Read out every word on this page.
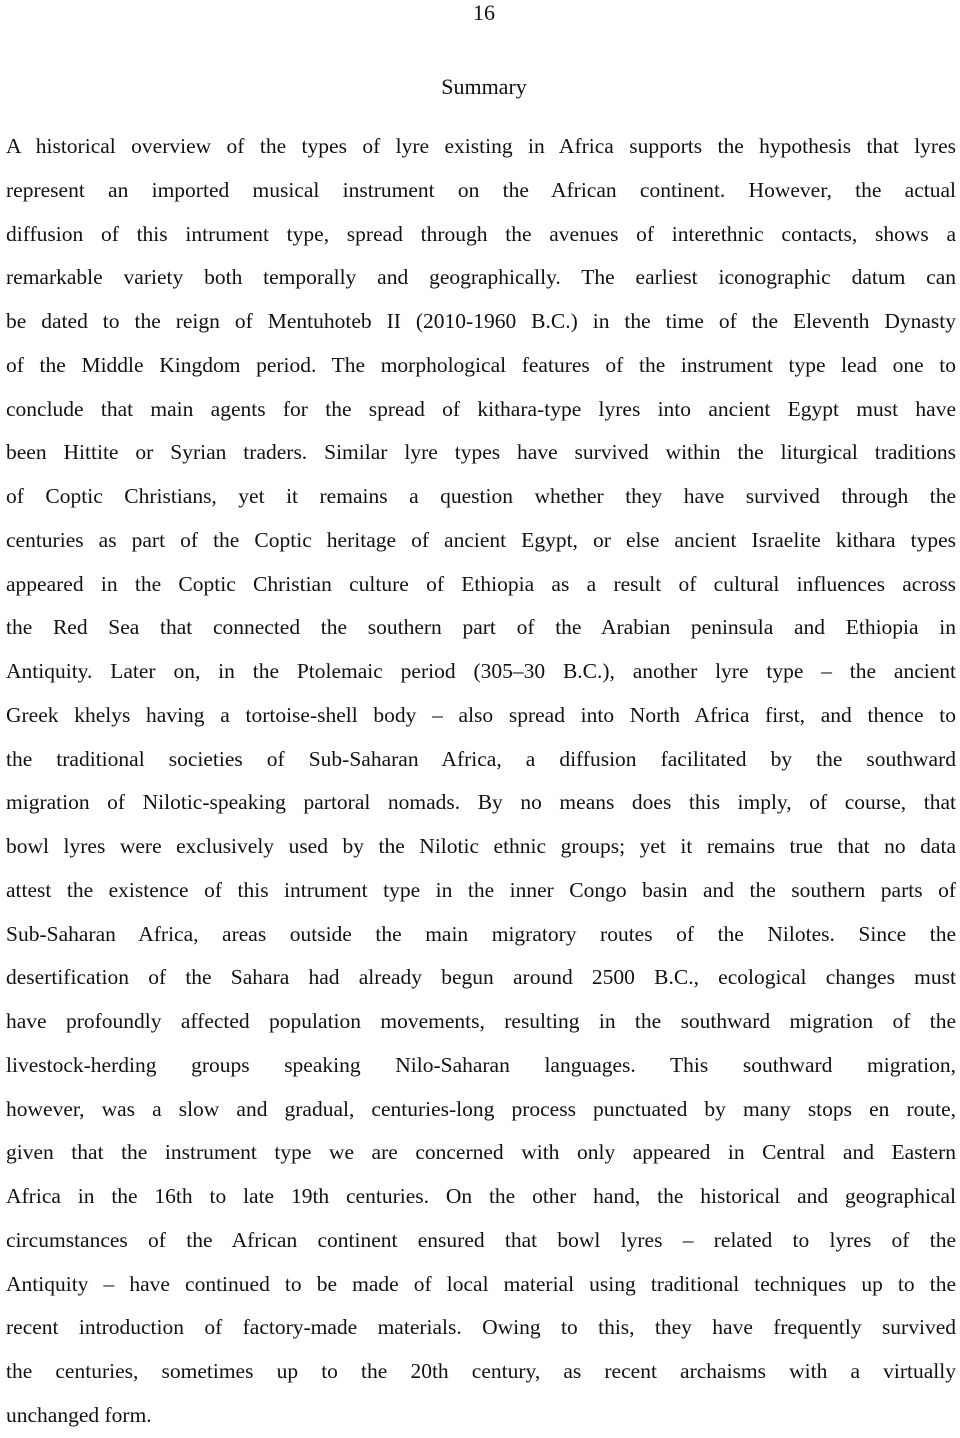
16
Summary

A historical overview of the types of lyre existing in Africa supports the hypothesis that lyres
represent an imported musical instrument on the African continent. However, the actual
diffusion of this intrument type, spread through the avenues of interethnic contacts, shows a
remarkable variety both temporally and geographically. The earliest iconographic datum can
be dated to the reign of Mentuhoteb II (2010-1960 B.C.) in the time of the Eleventh Dynasty
of the Middle Kingdom period. The morphological features of the instrument type lead one to
conclude that main agents for the spread of kithara-type lyres into ancient Egypt must have
been Hittite or Syrian traders. Similar lyre types have survived within the liturgical traditions
of Coptic Christians, yet it remains a question whether they have survived through the
centuries as part of the Coptic heritage of ancient Egypt, or else ancient Israelite kithara types
appeared in the Coptic Christian culture of Ethiopia as a result of cultural influences across
the Red Sea that connected the southern part of the Arabian peninsula and Ethiopia in
Antiquity. Later on, in the Ptolemaic period (305–30 B.C.), another lyre type – the ancient
Greek khelys having a tortoise-shell body – also spread into North Africa first, and thence to
the traditional societies of Sub-Saharan Africa, a diffusion facilitated by the southward
migration of Nilotic-speaking partoral nomads. By no means does this imply, of course, that
bowl lyres were exclusively used by the Nilotic ethnic groups; yet it remains true that no data
attest the existence of this intrument type in the inner Congo basin and the southern parts of
Sub-Saharan Africa, areas outside the main migratory routes of the Nilotes. Since the
desertification of the Sahara had already begun around 2500 B.C., ecological changes must
have profoundly affected population movements, resulting in the southward migration of the
livestock-herding groups speaking Nilo-Saharan languages. This southward migration,
however, was a slow and gradual, centuries-long process punctuated by many stops en route,
given that the instrument type we are concerned with only appeared in Central and Eastern
Africa in the 16th to late 19th centuries. On the other hand, the historical and geographical
circumstances of the African continent ensured that bowl lyres – related to lyres of the
Antiquity – have continued to be made of local material using traditional techniques up to the
recent introduction of factory-made materials. Owing to this, they have frequently survived
the centuries, sometimes up to the 20th century, as recent archaisms with a virtually
unchanged form.
